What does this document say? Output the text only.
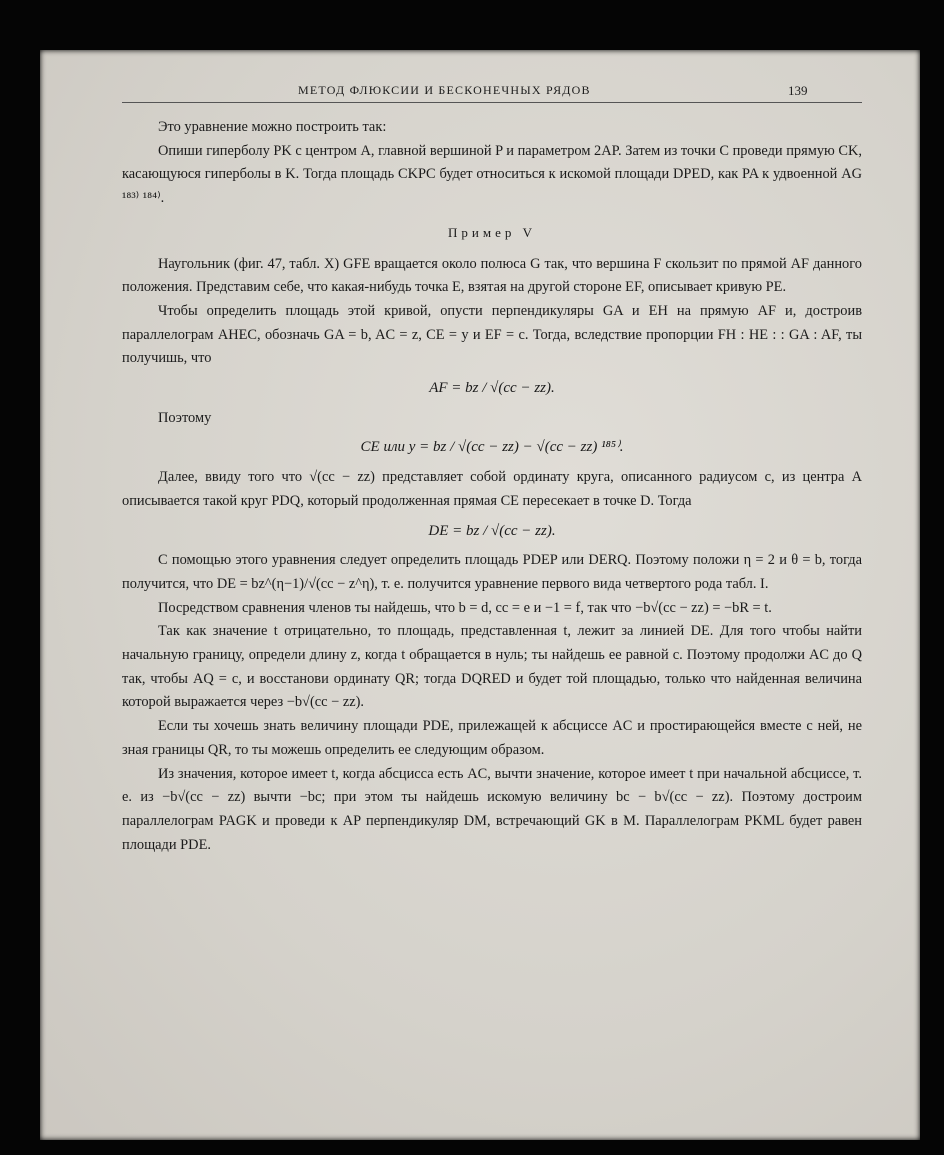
МЕТОД ФЛЮКСИИ И БЕСКОНЕЧНЫХ РЯДОВ	139

Это уравнение можно построить так:

Опиши гиперболу PK с центром A, главной вершиной P и параметром 2AP. Затем из точки C проведи прямую CK, касающуюся гиперболы в K. Тогда площадь CKPC будет относиться к искомой площади DPED, как PA к удвоенной AG ¹⁸³⁾ ¹⁸⁴⁾.

Пример V

Наугольник (фиг. 47, табл. X) GFE вращается около полюса G так, что вершина F скользит по прямой AF данного положения. Представим себе, что какая-нибудь точка E, взятая на другой стороне EF, описывает кривую PE.

Чтобы определить площадь этой кривой, опусти перпендикуляры GA и EH на прямую AF и, достроив параллелограм AHEC, обозначь GA = b, AC = z, CE = y и EF = c. Тогда, вследствие пропорции FH : HE : : GA : AF, ты получишь, что

AF = bz / √(cc − zz).

Поэтому

CE или y = bz / √(cc − zz) − √(cc − zz) ¹⁸⁵⁾.

Далее, ввиду того что √(cc − zz) представляет собой ординату круга, описанного радиусом c, из центра A описывается такой круг PDQ, который продолженная прямая CE пересекает в точке D. Тогда

DE = bz / √(cc − zz).

С помощью этого уравнения следует определить площадь PDEP или DERQ. Поэтому положи η = 2 и θ = b, тогда получится, что DE = bz^(η−1)/√(cc − z^η), т. е. получится уравнение первого вида четвертого рода табл. I.

Посредством сравнения членов ты найдешь, что b = d, cc = e и −1 = f, так что −b√(cc − zz) = −bR = t.

Так как значение t отрицательно, то площадь, представленная t, лежит за линией DE. Для того чтобы найти начальную границу, определи длину z, когда t обращается в нуль; ты найдешь ее равной c. Поэтому продолжи AC до Q так, чтобы AQ = c, и восстанови ординату QR; тогда DQRED и будет той площадью, только что найденная величина которой выражается через −b√(cc − zz).

Если ты хочешь знать величину площади PDE, прилежащей к абсциссе AC и простирающейся вместе с ней, не зная границы QR, то ты можешь определить ее следующим образом.

Из значения, которое имеет t, когда абсцисса есть AC, вычти значение, которое имеет t при начальной абсциссе, т. е. из −b√(cc − zz) вычти −bc; при этом ты найдешь искомую величину bc − b√(cc − zz). Поэтому достроим параллелограм PAGK и проведи к AP перпендикуляр DM, встречающий GK в M. Параллелограм PKML будет равен площади PDE.
